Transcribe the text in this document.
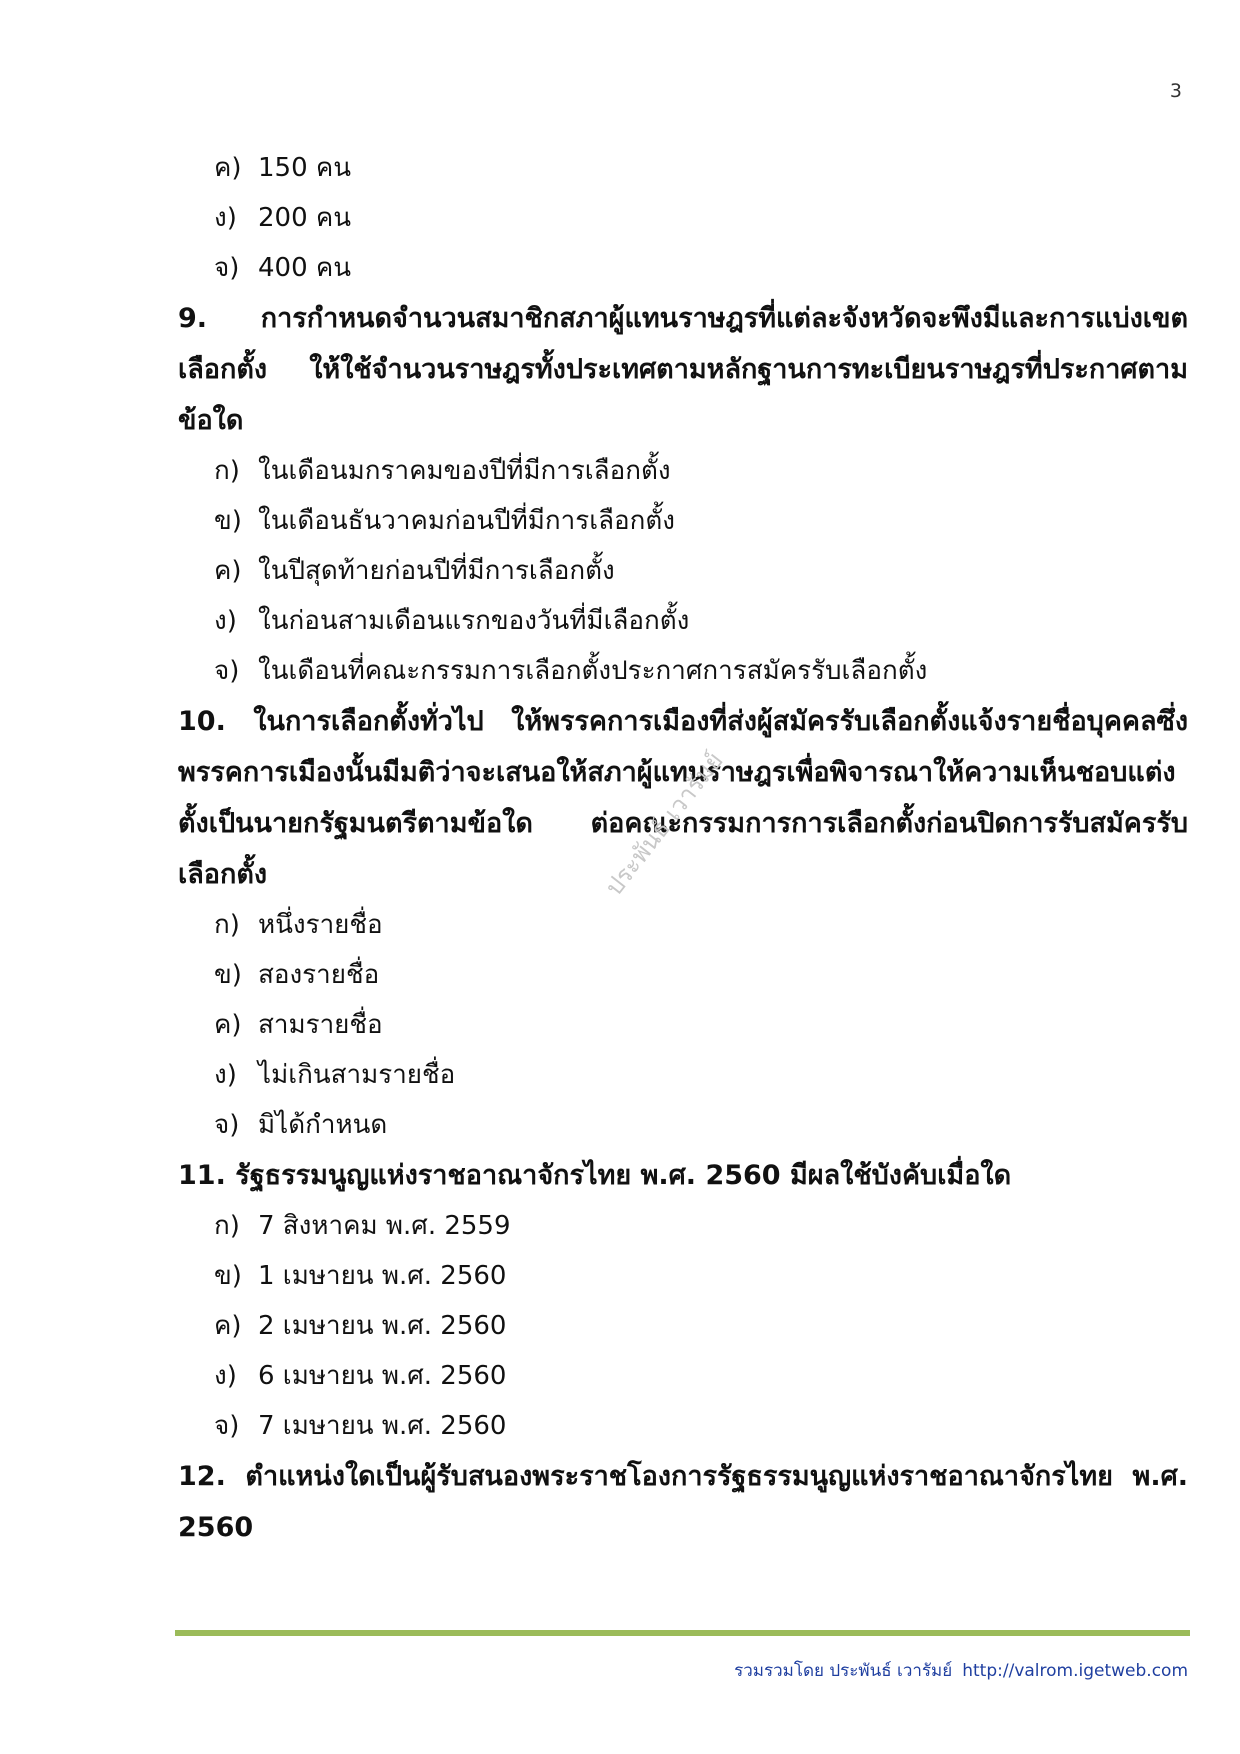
3
ค) 150 คน
ง) 200 คน
จ) 400 คน
9. การกำหนดจำนวนสมาชิกสภาผู้แทนราษฎรที่แต่ละจังหวัดจะพึงมีและการแบ่งเขตเลือกตั้ง ให้ใช้จำนวนราษฎรทั้งประเทศตามหลักฐานการทะเบียนราษฎรที่ประกาศตามข้อใด
ก) ในเดือนมกราคมของปีที่มีการเลือกตั้ง
ข) ในเดือนธันวาคมก่อนปีที่มีการเลือกตั้ง
ค) ในปีสุดท้ายก่อนปีที่มีการเลือกตั้ง
ง) ในก่อนสามเดือนแรกของวันที่มีเลือกตั้ง
จ) ในเดือนที่คณะกรรมการเลือกตั้งประกาศการสมัครรับเลือกตั้ง
10. ในการเลือกตั้งทั่วไป ให้พรรคการเมืองที่ส่งผู้สมัครรับเลือกตั้งแจ้งรายชื่อบุคคลซึ่งพรรคการเมืองนั้นมีมติว่าจะเสนอให้สภาผู้แทนราษฎรเพื่อพิจารณาให้ความเห็นชอบแต่งตั้งเป็นนายกรัฐมนตรีตามข้อใด ต่อคณะกรรมการการเลือกตั้งก่อนปิดการรับสมัครรับเลือกตั้ง
ก) หนึ่งรายชื่อ
ข) สองรายชื่อ
ค) สามรายชื่อ
ง) ไม่เกินสามรายชื่อ
จ) มิได้กำหนด
11. รัฐธรรมนูญแห่งราชอาณาจักรไทย พ.ศ. 2560 มีผลใช้บังคับเมื่อใด
ก) 7 สิงหาคม พ.ศ. 2559
ข) 1 เมษายน พ.ศ. 2560
ค) 2 เมษายน พ.ศ. 2560
ง) 6 เมษายน พ.ศ. 2560
จ) 7 เมษายน พ.ศ. 2560
12. ตำแหน่งใดเป็นผู้รับสนองพระราชโองการรัฐธรรมนูญแห่งราชอาณาจักรไทย พ.ศ. 2560
ประพันธ์ เวารัมย์
รวมรวมโดย ประพันธ์ เวารัมย์ http://valrom.igetweb.com
